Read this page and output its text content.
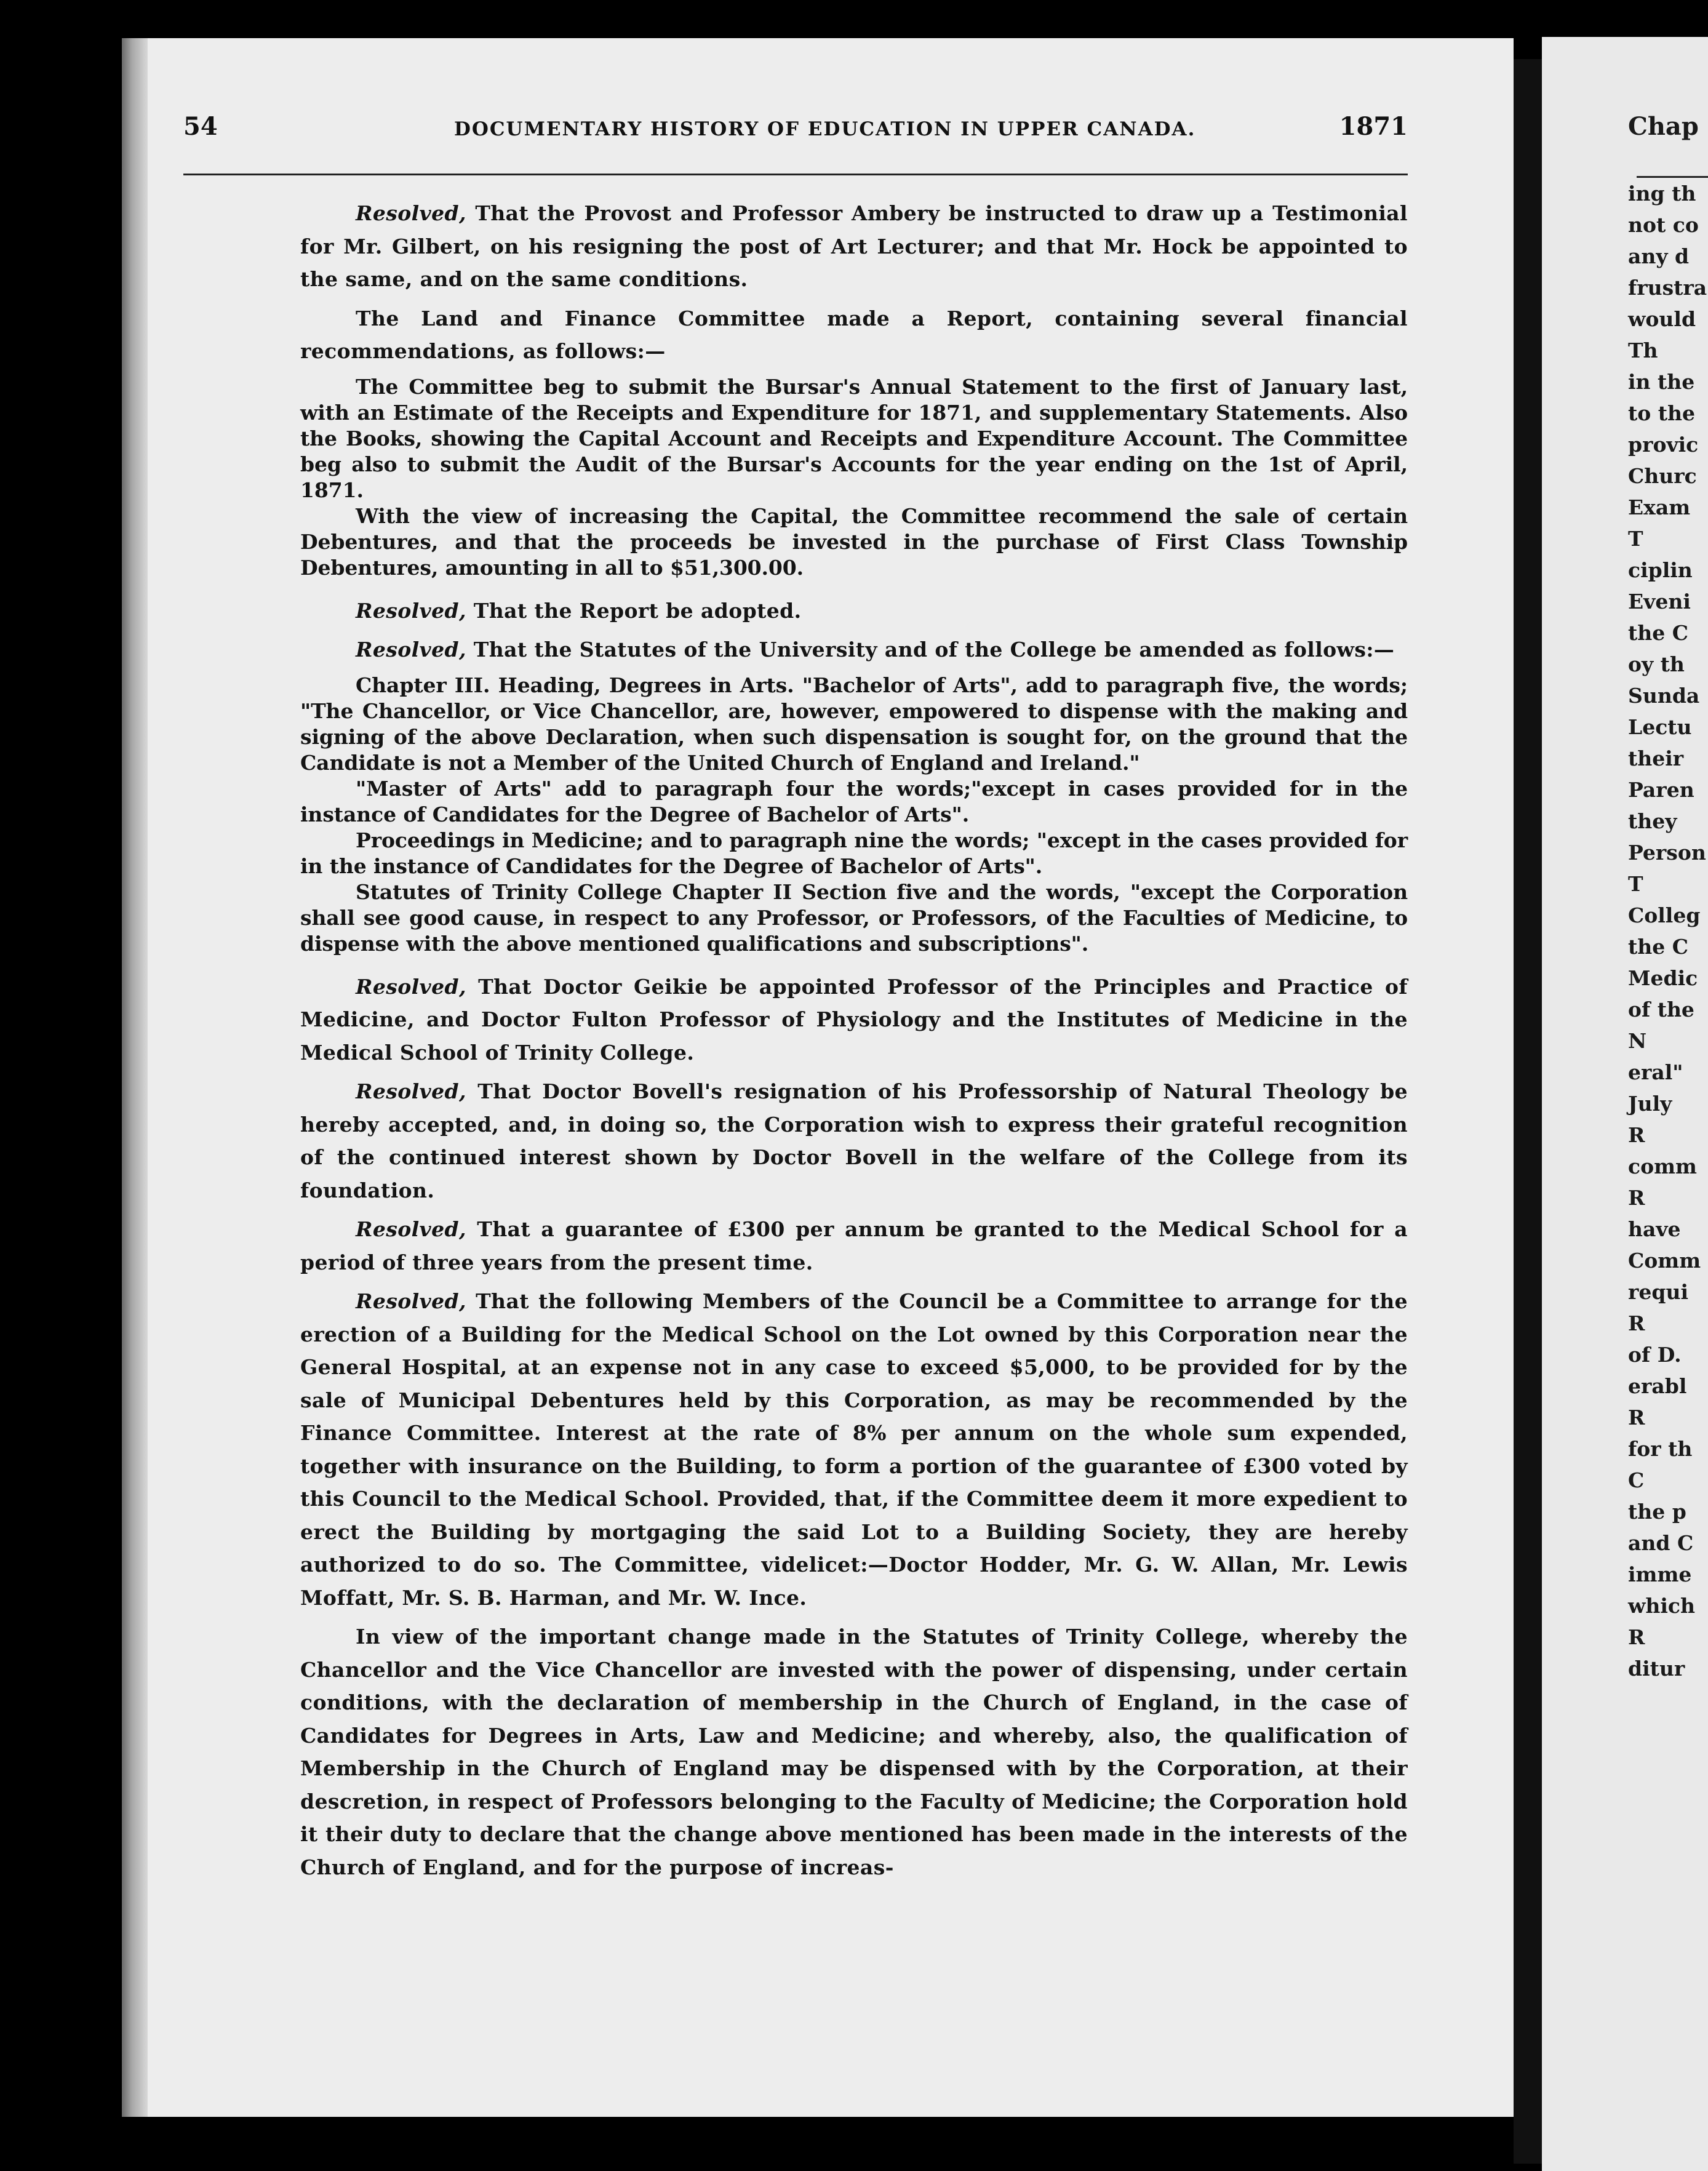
54	DOCUMENTARY HISTORY OF EDUCATION IN UPPER CANADA.	1871
Resolved, That the Provost and Professor Ambery be instructed to draw up a Testimonial for Mr. Gilbert, on his resigning the post of Art Lecturer; and that Mr. Hock be appointed to the same, and on the same conditions.
The Land and Finance Committee made a Report, containing several financial recommendations, as follows:—
The Committee beg to submit the Bursar's Annual Statement to the first of January last, with an Estimate of the Receipts and Expenditure for 1871, and supplementary Statements. Also the Books, showing the Capital Account and Receipts and Expenditure Account. The Committee beg also to submit the Audit of the Bursar's Accounts for the year ending on the 1st of April, 1871.
With the view of increasing the Capital, the Committee recommend the sale of certain Debentures, and that the proceeds be invested in the purchase of First Class Township Debentures, amounting in all to $51,300.00.
Resolved, That the Report be adopted.
Resolved, That the Statutes of the University and of the College be amended as follows:—
Chapter III. Heading, Degrees in Arts. "Bachelor of Arts", add to paragraph five, the words; "The Chancellor, or Vice Chancellor, are, however, empowered to dispense with the making and signing of the above Declaration, when such dispensation is sought for, on the ground that the Candidate is not a Member of the United Church of England and Ireland."
"Master of Arts" add to paragraph four the words;"except in cases provided for in the instance of Candidates for the Degree of Bachelor of Arts".
Proceedings in Medicine; and to paragraph nine the words; "except in the cases provided for in the instance of Candidates for the Degree of Bachelor of Arts".
Statutes of Trinity College Chapter II Section five and the words, "except the Corporation shall see good cause, in respect to any Professor, or Professors, of the Faculties of Medicine, to dispense with the above mentioned qualifications and subscriptions".
Resolved, That Doctor Geikie be appointed Professor of the Principles and Practice of Medicine, and Doctor Fulton Professor of Physiology and the Institutes of Medicine in the Medical School of Trinity College.
Resolved, That Doctor Bovell's resignation of his Professorship of Natural Theology be hereby accepted, and, in doing so, the Corporation wish to express their grateful recognition of the continued interest shown by Doctor Bovell in the welfare of the College from its foundation.
Resolved, That a guarantee of £300 per annum be granted to the Medical School for a period of three years from the present time.
Resolved, That the following Members of the Council be a Committee to arrange for the erection of a Building for the Medical School on the Lot owned by this Corporation near the General Hospital, at an expense not in any case to exceed $5,000, to be provided for by the sale of Municipal Debentures held by this Corporation, as may be recommended by the Finance Committee. Interest at the rate of 8% per annum on the whole sum expended, together with insurance on the Building, to form a portion of the guarantee of £300 voted by this Council to the Medical School. Provided, that, if the Committee deem it more expedient to erect the Building by mortgaging the said Lot to a Building Society, they are hereby authorized to do so. The Committee, videlicet:—Doctor Hodder, Mr. G. W. Allan, Mr. Lewis Moffatt, Mr. S. B. Harman, and Mr. W. Ince.
In view of the important change made in the Statutes of Trinity College, whereby the Chancellor and the Vice Chancellor are invested with the power of dispensing, under certain conditions, with the declaration of membership in the Church of England, in the case of Candidates for Degrees in Arts, Law and Medicine; and whereby, also, the qualification of Membership in the Church of England may be dispensed with by the Corporation, at their descretion, in respect of Professors belonging to the Faculty of Medicine; the Corporation hold it their duty to declare that the change above mentioned has been made in the interests of the Church of England, and for the purpose of increas-
Chap
ing th
not co
any d
frustra
would
Th
in the
to the
provic
Churc
Exam
T
ciplin
Eveni
the C
oy th
Sunda
Lectu
their
Paren
they
Person
T
Colleg
the C
Medic
of the
N
eral"
July
R
comm
R
have
Comm
requi
R
of D.
erabl
R
for th
C
the p
and C
imme
which
R
ditur
